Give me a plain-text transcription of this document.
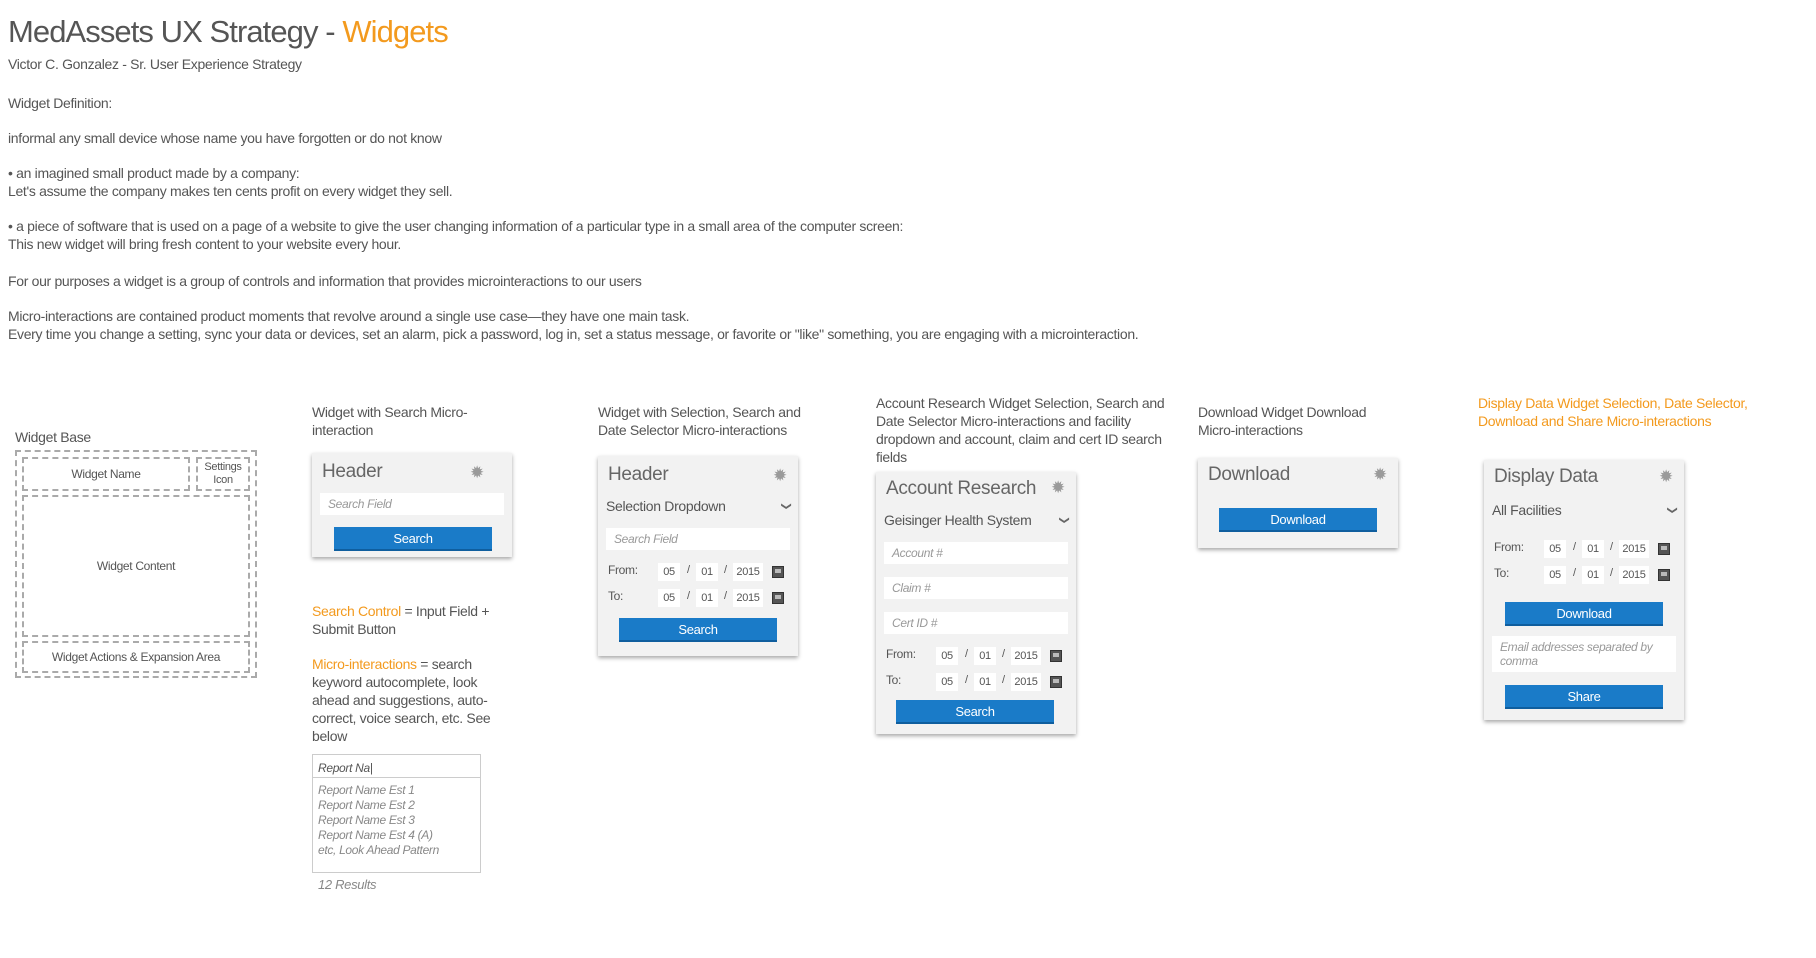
MedAssets UX Strategy - Widgets
Victor C. Gonzalez - Sr. User Experience Strategy

Widget Definition:

informal any small device whose name you have forgotten or do not know

• an imagined small product made by a company:

Let's assume the company makes ten cents profit on every widget they sell.

• a piece of software that is used on a page of a website to give the user changing information of a particular type in a small area of the computer screen:

This new widget will bring fresh content to your website every hour.

For our purposes a widget is a group of controls and information that provides microinteractions to our users

Micro-interactions are contained product moments that revolve around a single use case—they have one main task.

Every time you change a setting, sync your data or devices, set an alarm, pick a password, log in, set a status message, or favorite or "like" something, you are engaging with a microinteraction.

Widget Base
Widget Name	Settings Icon
Widget Content
Widget Actions & Expansion Area
Widget with Search Micro-interaction
Header	✹
Search Field
Search
Search Control = Input Field + Submit Button
Micro-interactions = search keyword autocomplete, look ahead and suggestions, auto-correct, voice search, etc. See below
Report Na|
Report Name Est 1
Report Name Est 2
Report Name Est 3
Report Name Est 4 (A)
etc, Look Ahead Pattern
12 Results
Widget with Selection, Search and Date Selector Micro-interactions
Header	✹
Selection Dropdown	❯
Search Field
From:	05	/	01	/ 2015
To:	05	/	01	/ 2015
Search
Account Research Widget Selection, Search and Date Selector Micro-interactions and facility dropdown and account, claim and cert ID search fields
Account Research ✹
Geisinger Health System	❯
Account #
Claim #
Cert ID #
From:	05	/	01	/ 2015
To:	05	/	01	/ 2015
Search
Download Widget Download Micro-interactions
Download	✹
Download
Display Data Widget Selection, Date Selector, Download and Share Micro-interactions
Display Data	✹
All Facilities	❯
From:	05	/	01	/ 2015
To:	05	/	01	/ 2015
Download
Email addresses separated by comma
Share
